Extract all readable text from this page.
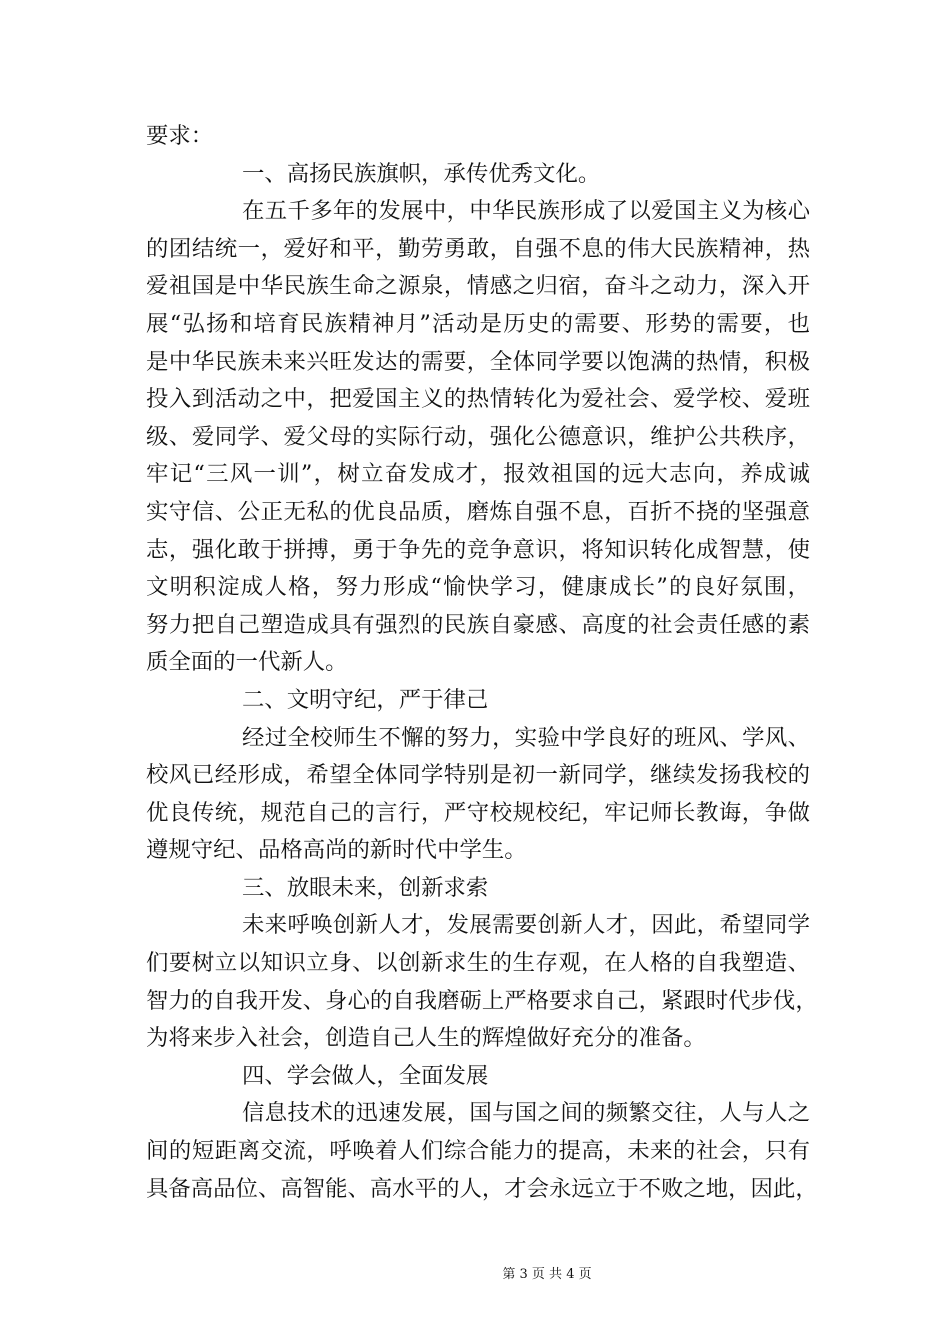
要求：
一、高扬民族旗帜，承传优秀文化。
在五千多年的发展中，中华民族形成了以爱国主义为核心
的团结统一，爱好和平，勤劳勇敢，自强不息的伟大民族精神，热
爱祖国是中华民族生命之源泉，情感之归宿，奋斗之动力，深入开
展“弘扬和培育民族精神月”活动是历史的需要、形势的需要，也
是中华民族未来兴旺发达的需要，全体同学要以饱满的热情，积极
投入到活动之中，把爱国主义的热情转化为爱社会、爱学校、爱班
级、爱同学、爱父母的实际行动，强化公德意识，维护公共秩序，
牢记“三风一训”，树立奋发成才，报效祖国的远大志向，养成诚
实守信、公正无私的优良品质，磨炼自强不息，百折不挠的坚强意
志，强化敢于拼搏，勇于争先的竞争意识，将知识转化成智慧，使
文明积淀成人格，努力形成“愉快学习，健康成长”的良好氛围，
努力把自己塑造成具有强烈的民族自豪感、高度的社会责任感的素
质全面的一代新人。
二、文明守纪，严于律己
经过全校师生不懈的努力，实验中学良好的班风、学风、
校风已经形成，希望全体同学特别是初一新同学，继续发扬我校的
优良传统，规范自己的言行，严守校规校纪，牢记师长教诲，争做
遵规守纪、品格高尚的新时代中学生。
三、放眼未来，创新求索
未来呼唤创新人才，发展需要创新人才，因此，希望同学
们要树立以知识立身、以创新求生的生存观，在人格的自我塑造、
智力的自我开发、身心的自我磨砺上严格要求自己，紧跟时代步伐，
为将来步入社会，创造自己人生的辉煌做好充分的准备。
四、学会做人，全面发展
信息技术的迅速发展，国与国之间的频繁交往，人与人之
间的短距离交流，呼唤着人们综合能力的提高，未来的社会，只有
具备高品位、高智能、高水平的人，才会永远立于不败之地，因此，
第 3 页 共 4 页
